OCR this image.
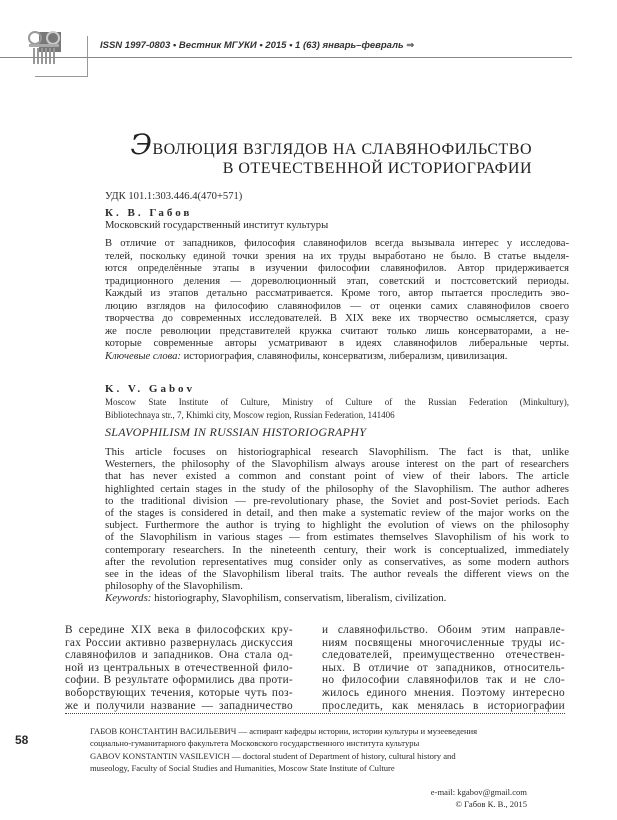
ISSN 1997-0803 • Вестник МГУКИ • 2015 • 1 (63) январь–февраль ⇒
ЭВОЛЮЦИЯ ВЗГЛЯДОВ НА СЛАВЯНОФИЛЬСТВО
В ОТЕЧЕСТВЕННОЙ ИСТОРИОГРАФИИ
УДК 101.1:303.446.4(470+571)
К. В. Габов
Московский государственный институт культуры
В отличие от западников, философия славянофилов всегда вызывала интерес у исследова-
телей, поскольку единой точки зрения на их труды выработано не было. В статье выделя-
ются определённые этапы в изучении философии славянофилов. Автор придерживается
традиционного деления — дореволюционный этап, советский и постсоветский периоды.
Каждый из этапов детально рассматривается. Кроме того, автор пытается проследить эво-
люцию взглядов на философию славянофилов — от оценки самих славянофилов своего
творчества до современных исследователей. В XIX веке их творчество осмысляется, сразу
же после революции представителей кружка считают только лишь консерваторами, а не-
которые современные авторы усматривают в идеях славянофилов либеральные черты.
Ключевые слова: историография, славянофилы, консерватизм, либерализм, цивилизация.
K. V. Gabov
Moscow State Institute of Culture, Ministry of Culture of the Russian Federation (Minkultury),
Bibliotechnaya str., 7, Khimki city, Moscow region, Russian Federation, 141406
SLAVOPHILISM IN RUSSIAN HISTORIOGRAPHY
This article focuses on historiographical research Slavophilism. The fact is that, unlike
Westerners, the philosophy of the Slavophilism always arouse interest on the part of researchers
that has never existed a common and constant point of view of their labors. The article
highlighted certain stages in the study of the philosophy of the Slavophilism. The author adheres
to the traditional division — pre-revolutionary phase, the Soviet and post-Soviet periods. Each
of the stages is considered in detail, and then make a systematic review of the major works on the
subject. Furthermore the author is trying to highlight the evolution of views on the philosophy
of the Slavophilism in various stages — from estimates themselves Slavophilism of his work to
contemporary researchers. In the nineteenth century, their work is conceptualized, immediately
after the revolution representatives mug consider only as conservatives, as some modern authors
see in the ideas of the Slavophilism liberal traits. The author reveals the different views on the
philosophy of the Slavophilism.
Keywords: historiography, Slavophilism, conservatism, liberalism, civilization.
В середине XIX века в философских кру-
гах России активно развернулась дискуссия
славянофилов и западников. Она стала од-
ной из центральных в отечественной фило-
софии. В результате оформились два проти-
воборствующих течения, которые чуть поз-
же и получили название — западничество
и славянофильство. Обоим этим направле-
ниям посвящены многочисленные труды ис-
следователей, преимущественно отечествен-
ных. В отличие от западников, относитель-
но философии славянофилов так и не сло-
жилось единого мнения. Поэтому интересно
проследить, как менялась в историографии
58
ГАБОВ КОНСТАНТИН ВАСИЛЬЕВИЧ — аспирант кафедры истории, истории культуры и музееведения
социально-гуманитарного факультета Московского государственного института культуры
GABOV KONSTANTIN VASILEVICH — doctoral student of Department of history, cultural history and
museology, Faculty of Social Studies and Humanities, Moscow State Institute of Culture
e-mail: kgabov@gmail.com
© Габов К. В., 2015
